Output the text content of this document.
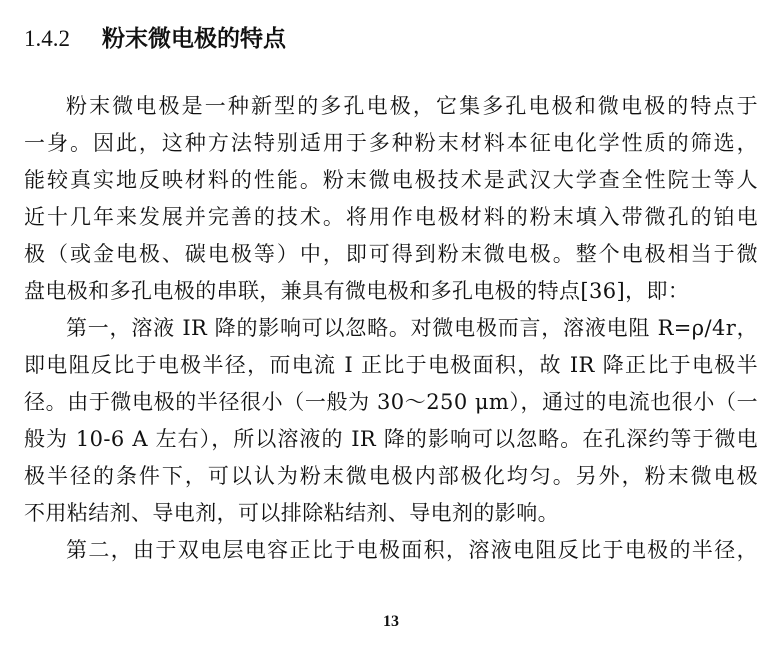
1.4.2 粉末微电极的特点
粉末微电极是一种新型的多孔电极，它集多孔电极和微电极的特点于
一身。因此，这种方法特别适用于多种粉末材料本征电化学性质的筛选，
能较真实地反映材料的性能。粉末微电极技术是武汉大学查全性院士等人
近十几年来发展并完善的技术。将用作电极材料的粉末填入带微孔的铂电
极（或金电极、碳电极等）中，即可得到粉末微电极。整个电极相当于微
盘电极和多孔电极的串联，兼具有微电极和多孔电极的特点[36]，即：
第一，溶液 IR 降的影响可以忽略。对微电极而言，溶液电阻 R=ρ/4r，
即电阻反比于电极半径，而电流 I 正比于电极面积，故 IR 降正比于电极半
径。由于微电极的半径很小（一般为 30～250 μm），通过的电流也很小（一
般为 10-6 A 左右），所以溶液的 IR 降的影响可以忽略。在孔深约等于微电
极半径的条件下，可以认为粉末微电极内部极化均匀。另外，粉末微电极
不用粘结剂、导电剂，可以排除粘结剂、导电剂的影响。
第二，由于双电层电容正比于电极面积，溶液电阻反比于电极的半径，
13
